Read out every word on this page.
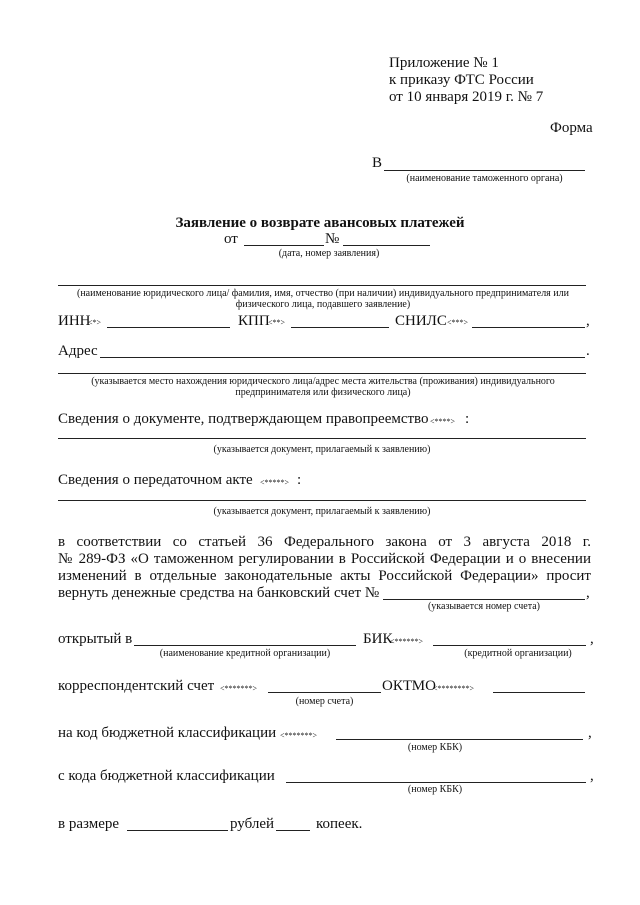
Приложение № 1
к приказу ФТС России
от 10 января 2019 г. № 7
Форма
В
(наименование таможенного органа)
Заявление о возврате авансовых платежей
от	№
(дата, номер заявления)
(наименование юридического лица/ фамилия, имя, отчество (при наличии) индивидуального предпринимателя или физического лица, подавшего заявление)
ИНН
<*>	КПП
<**>	СНИЛС <***>	,
Адрес	.
(указывается место нахождения юридического лица/адрес места жительства (проживания) индивидуального предпринимателя или физического лица)
Сведения о документе, подтверждающем правопреемство <****> :
(указывается документ, прилагаемый к заявлению)
Сведения о передаточном акте <*****> :
(указывается документ, прилагаемый к заявлению)
в соответствии со статьей 36 Федерального закона от 3 августа 2018 г.
№ 289-ФЗ «О таможенном регулировании в Российской Федерации и о внесении
изменений в отдельные законодательные акты Российской Федерации» просит
вернуть денежные средства на банковский счет №	,
(указывается номер счета)
открытый в	БИК
<******>	,
(наименование кредитной организации)	(кредитной организации)
корреспондентский счет <*******>	ОКТМО
<********>
(номер счета)
на код бюджетной классификации <*******>	,
(номер КБК)
с кода бюджетной классификации	,
(номер КБК)
в размере	рублей	копеек.
